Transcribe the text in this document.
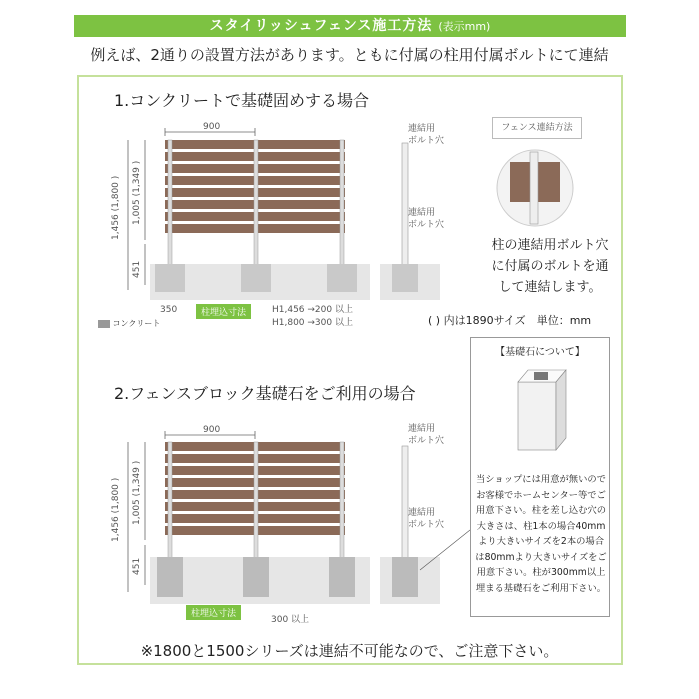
スタイリッシュフェンス施工方法 (表示mm)
例えば、2通りの設置方法があります。ともに付属の柱用付属ボルトにて連結
1.コンクリートで基礎固めする場合
900
1,456 (1,800 ) 1,005 (1,349 )
451
350
連結用
ボルト穴
連結用
ボルト穴
H1,456 →200 以上
H1,800 →300 以上
900
1,456 (1,800 ) 1,005 (1,349 )
451
連結用
ボルト穴
連結用
ボルト穴
300 以上
コンクリート
柱埋込寸法
フェンス連結方法
柱の連結用ボルト穴
に付属のボルトを通
して連結します。
( ) 内は1890サイズ　単位：mm
2.フェンスブロック基礎石をご利用の場合
柱埋込寸法
【基礎石について】
当ショップには用意が無いのでお客様でホームセンター等でご用意下さい。柱を差し込む穴の大きさは、柱1本の場合40mmより大きいサイズを2本の場合は80mmより大きいサイズをご用意下さい。柱が300mm以上埋まる基礎石をご利用下さい。
※1800と1500シリーズは連結不可能なので、ご注意下さい。
